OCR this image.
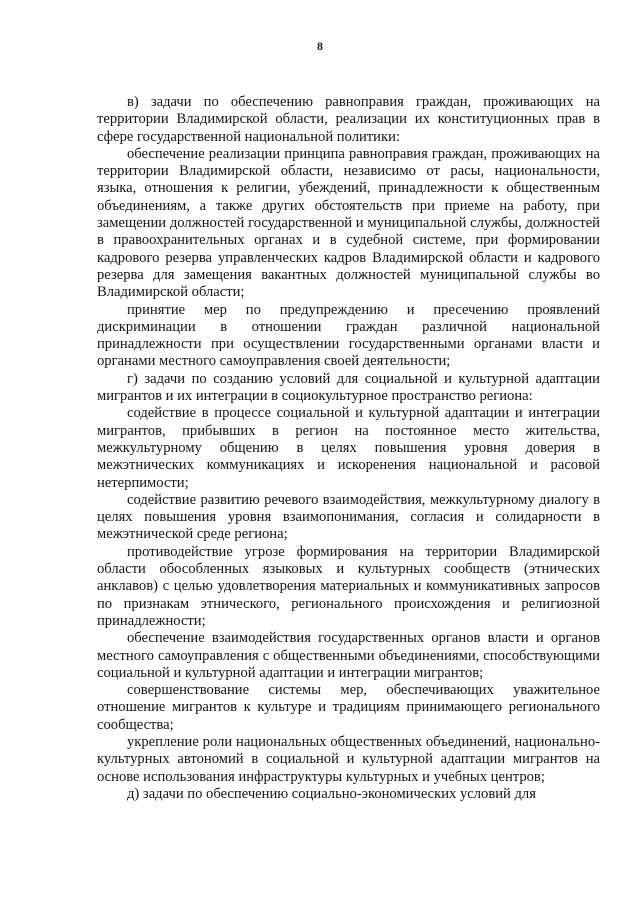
8

в) задачи по обеспечению равноправия граждан, проживающих на территории Владимирской области, реализации их конституционных прав в сфере государственной национальной политики:

обеспечение реализации принципа равноправия граждан, проживающих на территории Владимирской области, независимо от расы, национальности, языка, отношения к религии, убеждений, принадлежности к общественным объединениям, а также других обстоятельств при приеме на работу, при замещении должностей государственной и муниципальной службы, должностей в правоохранительных органах и в судебной системе, при формировании кадрового резерва управленческих кадров Владимирской области и кадрового резерва для замещения вакантных должностей муниципальной службы во Владимирской области;

принятие мер по предупреждению и пресечению проявлений дискриминации в отношении граждан различной национальной принадлежности при осуществлении государственными органами власти и органами местного самоуправления своей деятельности;

г) задачи по созданию условий для социальной и культурной адаптации мигрантов и их интеграции в социокультурное пространство региона:

содействие в процессе социальной и культурной адаптации и интеграции мигрантов, прибывших в регион на постоянное место жительства, межкультурному общению в целях повышения уровня доверия в межэтнических коммуникациях и искоренения национальной и расовой нетерпимости;

содействие развитию речевого взаимодействия, межкультурному диалогу в целях повышения уровня взаимопонимания, согласия и солидарности в межэтнической среде региона;

противодействие угрозе формирования на территории Владимирской области обособленных языковых и культурных сообществ (этнических анклавов) с целью удовлетворения материальных и коммуникативных запросов по признакам этнического, регионального происхождения и религиозной принадлежности;

обеспечение взаимодействия государственных органов власти и органов местного самоуправления с общественными объединениями, способствующими социальной и культурной адаптации и интеграции мигрантов;

совершенствование системы мер, обеспечивающих уважительное отношение мигрантов к культуре и традициям принимающего регионального сообщества;

укрепление роли национальных общественных объединений, национально-культурных автономий в социальной и культурной адаптации мигрантов на основе использования инфраструктуры культурных и учебных центров;

д) задачи по обеспечению социально-экономических условий для
